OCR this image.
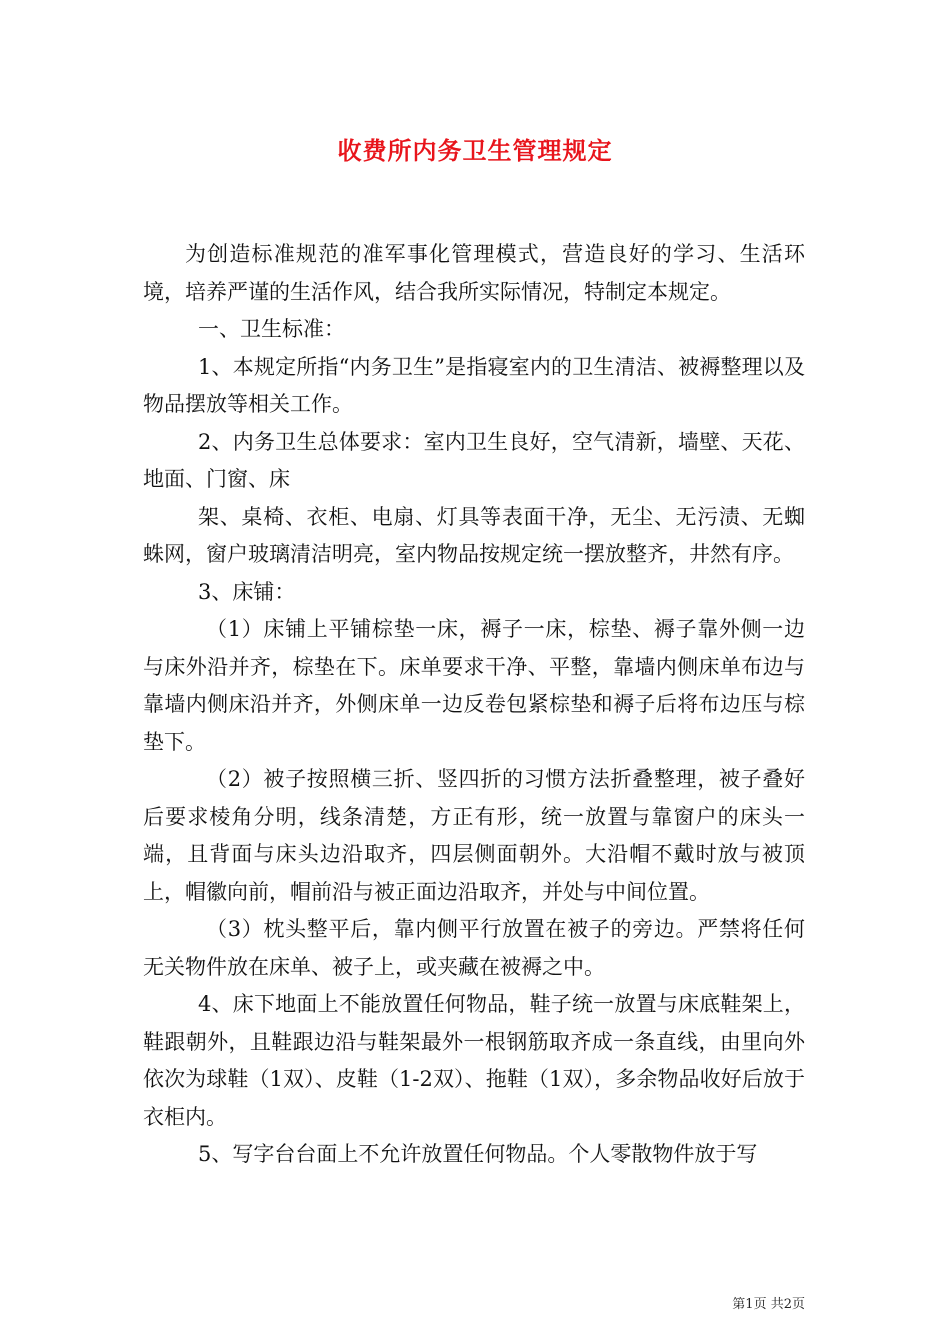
收费所内务卫生管理规定

为创造标准规范的准军事化管理模式，营造良好的学习、生活环境，培养严谨的生活作风，结合我所实际情况，特制定本规定。

一、卫生标准：

1、本规定所指“内务卫生”是指寝室内的卫生清洁、被褥整理以及物品摆放等相关工作。

2、内务卫生总体要求：室内卫生良好，空气清新，墙壁、天花、地面、门窗、床

架、桌椅、衣柜、电扇、灯具等表面干净，无尘、无污渍、无蜘蛛网，窗户玻璃清洁明亮，室内物品按规定统一摆放整齐，井然有序。

3、床铺：

（1）床铺上平铺棕垫一床，褥子一床，棕垫、褥子靠外侧一边与床外沿并齐，棕垫在下。床单要求干净、平整，靠墙内侧床单布边与靠墙内侧床沿并齐，外侧床单一边反卷包紧棕垫和褥子后将布边压与棕垫下。

（2）被子按照横三折、竖四折的习惯方法折叠整理，被子叠好后要求棱角分明，线条清楚，方正有形，统一放置与靠窗户的床头一端，且背面与床头边沿取齐，四层侧面朝外。大沿帽不戴时放与被顶上，帽徽向前，帽前沿与被正面边沿取齐，并处与中间位置。

（3）枕头整平后，靠内侧平行放置在被子的旁边。严禁将任何无关物件放在床单、被子上，或夹藏在被褥之中。

4、床下地面上不能放置任何物品，鞋子统一放置与床底鞋架上，鞋跟朝外，且鞋跟边沿与鞋架最外一根钢筋取齐成一条直线，由里向外依次为球鞋（1双）、皮鞋（1-2双）、拖鞋（1双），多余物品收好后放于衣柜内。

5、写字台台面上不允许放置任何物品。个人零散物件放于写

第1页 共2页
